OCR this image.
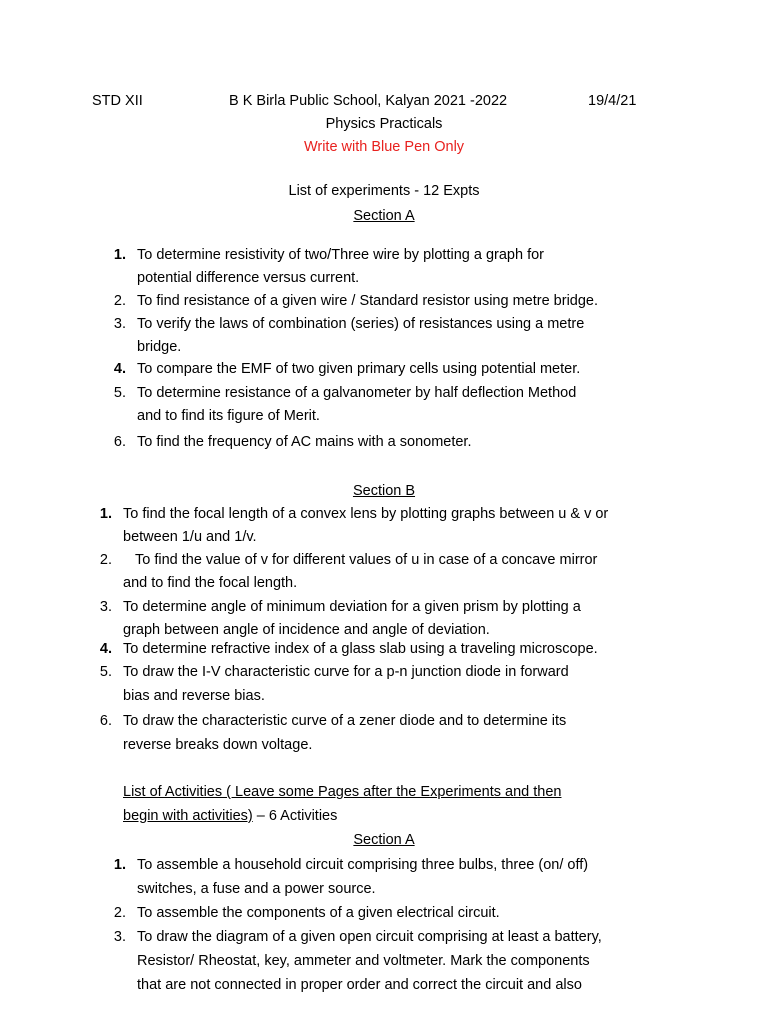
STD XII	B K Birla Public School, Kalyan 2021 -2022	19/4/21
Physics Practicals
Write with Blue Pen Only
List of experiments - 12 Expts
Section A
1. To determine resistivity of two/Three wire by plotting a graph for
potential difference versus current.
2. To find resistance of a given wire / Standard resistor using metre bridge.
3. To verify the laws of combination (series) of resistances using a metre
bridge.
4. To compare the EMF of two given primary cells using potential meter.
5. To determine resistance of a galvanometer by half deflection Method
and to find its figure of Merit.
6. To find the frequency of AC mains with a sonometer.
Section B
1. To find the focal length of a convex lens by plotting graphs between u & v or
between 1/u and 1/v.
2. To find the value of v for different values of u in case of a concave mirror
and to find the focal length.
3. To determine angle of minimum deviation for a given prism by plotting a
graph between angle of incidence and angle of deviation.
4. To determine refractive index of a glass slab using a traveling microscope.
5. To draw the I-V characteristic curve for a p-n junction diode in forward
bias and reverse bias.
6. To draw the characteristic curve of a zener diode and to determine its
reverse breaks down voltage.
List of Activities ( Leave some Pages after the Experiments and then
begin with activities) – 6 Activities
Section A
1. To assemble a household circuit comprising three bulbs, three (on/ off)
switches, a fuse and a power source.
2. To assemble the components of a given electrical circuit.
3. To draw the diagram of a given open circuit comprising at least a battery,
Resistor/ Rheostat, key, ammeter and voltmeter. Mark the components
that are not connected in proper order and correct the circuit and also
